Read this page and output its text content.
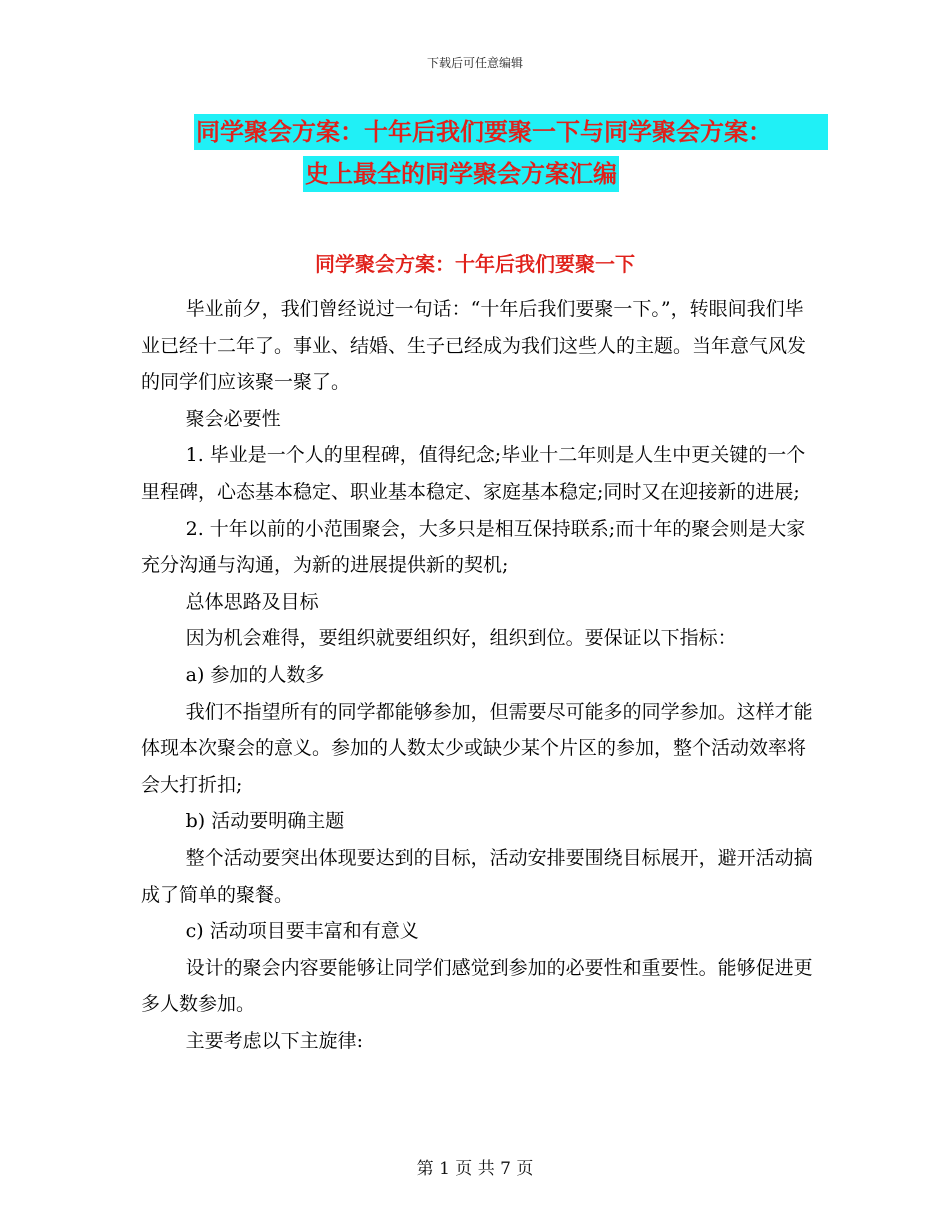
下载后可任意编辑
同学聚会方案：十年后我们要聚一下与同学聚会方案：
史上最全的同学聚会方案汇编
同学聚会方案：十年后我们要聚一下

毕业前夕，我们曾经说过一句话：“十年后我们要聚一下。”，转眼间我们毕业已经十二年了。事业、结婚、生子已经成为我们这些人的主题。当年意气风发的同学们应该聚一聚了。

聚会必要性

1. 毕业是一个人的里程碑，值得纪念;毕业十二年则是人生中更关键的一个里程碑，心态基本稳定、职业基本稳定、家庭基本稳定;同时又在迎接新的进展;

2. 十年以前的小范围聚会，大多只是相互保持联系;而十年的聚会则是大家充分沟通与沟通，为新的进展提供新的契机;

总体思路及目标

因为机会难得，要组织就要组织好，组织到位。要保证以下指标：

a) 参加的人数多

我们不指望所有的同学都能够参加，但需要尽可能多的同学参加。这样才能体现本次聚会的意义。参加的人数太少或缺少某个片区的参加，整个活动效率将会大打折扣;

b) 活动要明确主题

整个活动要突出体现要达到的目标，活动安排要围绕目标展开，避开活动搞成了简单的聚餐。

c) 活动项目要丰富和有意义

设计的聚会内容要能够让同学们感觉到参加的必要性和重要性。能够促进更多人数参加。

主要考虑以下主旋律:

第 1 页 共 7 页
